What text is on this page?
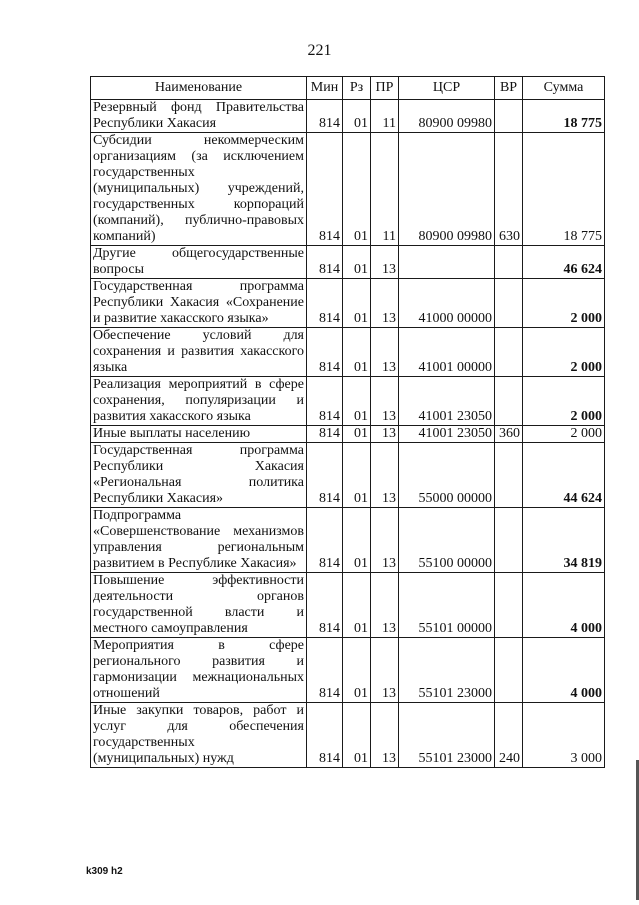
221
Наименование	Мин	Рз	ПР	ЦСР	ВР	Сумма
Резервный фонд Правительства Республики Хакасия	814	01	11	80900 09980		18 775
Субсидии некоммерческим организациям (за исключением государственных (муниципальных) учреждений, государственных корпораций (компаний), публично-правовых компаний)	814	01	11	80900 09980	630	18 775
Другие общегосударственные вопросы	814	01	13			46 624
Государственная программа Республики Хакасия «Сохранение и развитие хакасского языка»	814	01	13	41000 00000		2 000
Обеспечение условий для сохранения и развития хакасского языка	814	01	13	41001 00000		2 000
Реализация мероприятий в сфере сохранения, популяризации и развития хакасского языка	814	01	13	41001 23050		2 000
Иные выплаты населению	814	01	13	41001 23050	360	2 000
Государственная программа Республики Хакасия «Региональная политика Республики Хакасия»	814	01	13	55000 00000		44 624
Подпрограмма «Совершенствование механизмов управления региональным развитием в Республике Хакасия»	814	01	13	55100 00000		34 819
Повышение эффективности деятельности органов государственной власти и местного самоуправления	814	01	13	55101 00000		4 000
Мероприятия в сфере регионального развития и гармонизации межнациональных отношений	814	01	13	55101 23000		4 000
Иные закупки товаров, работ и услуг для обеспечения государственных (муниципальных) нужд	814	01	13	55101 23000	240	3 000
k309 h2
